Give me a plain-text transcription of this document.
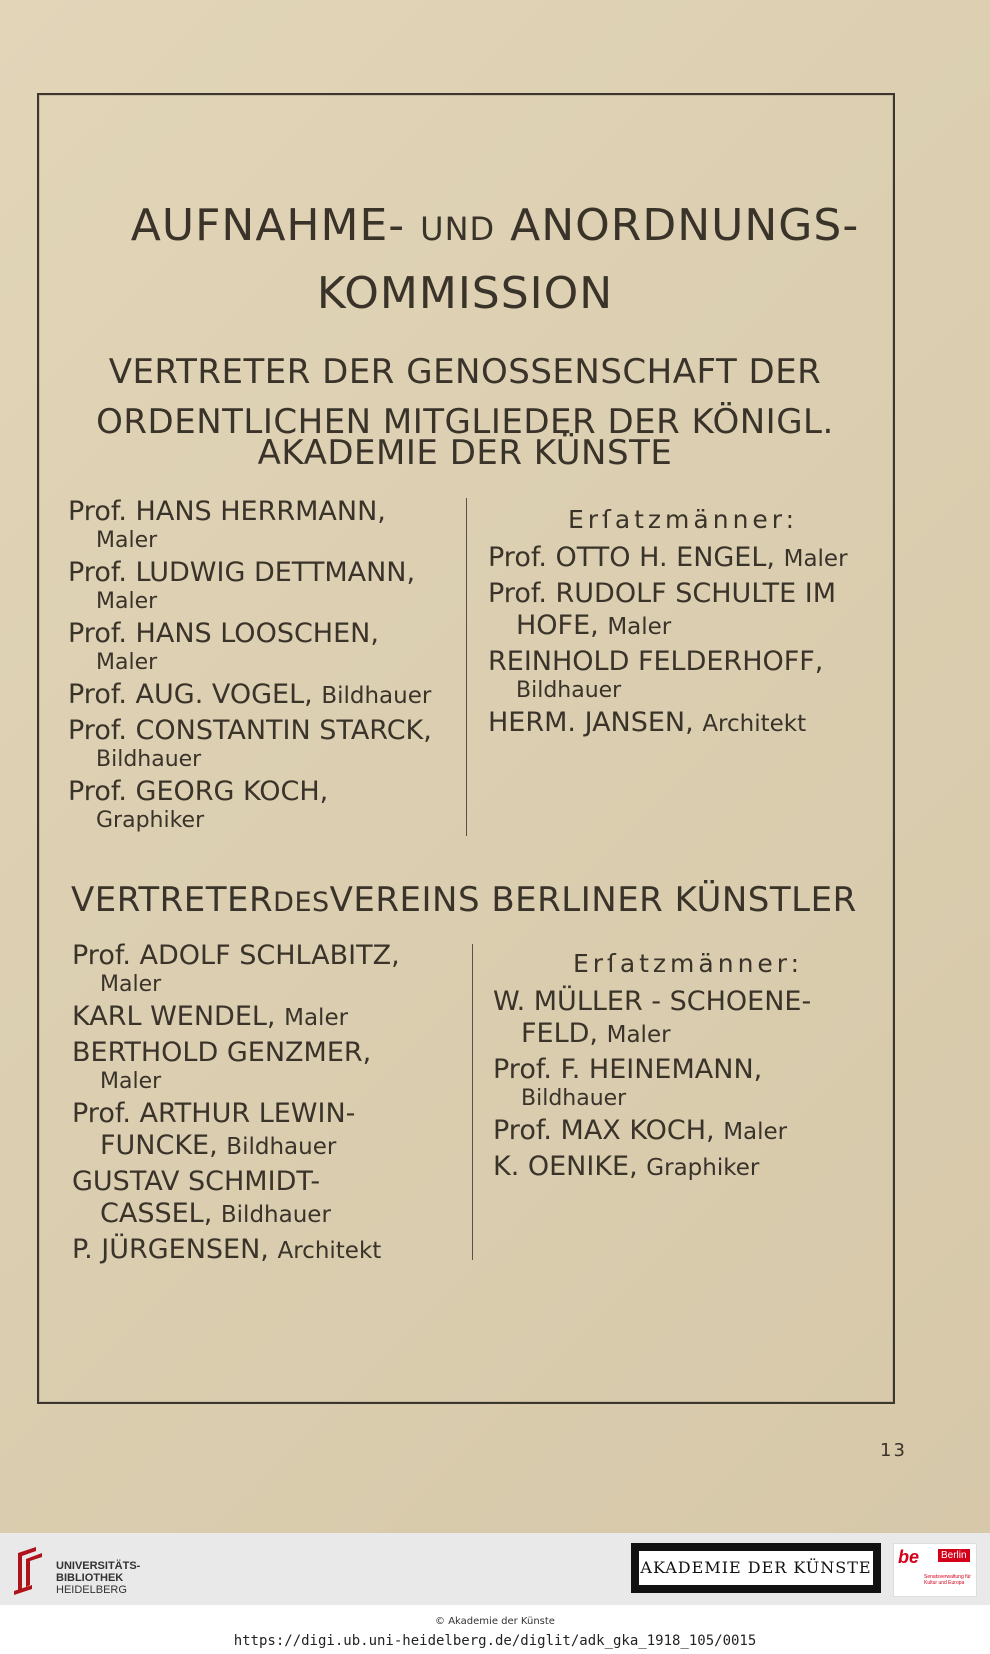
AUFNAHME- UND ANORDNUNGS-
KOMMISSION
VERTRETER DER GENOSSENSCHAFT DER
ORDENTLICHEN MITGLIEDER DER KÖNIGL.
AKADEMIE DER KÜNSTE
Prof. HANS HERRMANN,
Maler
Prof. LUDWIG DETTMANN,
Maler
Prof. HANS LOOSCHEN,
Maler
Prof. AUG. VOGEL, Bildhauer
Prof. CONSTANTIN STARCK,
Bildhauer
Prof. GEORG KOCH,
Graphiker
Erſatzmänner:
Prof. OTTO H. ENGEL, Maler
Prof. RUDOLF SCHULTE IM
HOFE, Maler
REINHOLD FELDERHOFF,
Bildhauer
HERM. JANSEN, Architekt
VERTRETERDESVEREINS BERLINER KÜNSTLER
Prof. ADOLF SCHLABITZ,
Maler
KARL WENDEL, Maler
BERTHOLD GENZMER,
Maler
Prof. ARTHUR LEWIN-
FUNCKE, Bildhauer
GUSTAV SCHMIDT-
CASSEL, Bildhauer
P. JÜRGENSEN, Architekt
Erſatzmänner:
W. MÜLLER - SCHOENE-
FELD, Maler
Prof. F. HEINEMANN,
Bildhauer
Prof. MAX KOCH, Maler
K. OENIKE, Graphiker
13
UNIVERSITÄTS-
BIBLIOTHEK
HEIDELBERG
AKADEMIE DER KÜNSTE
be	Berlin
Senatsverwaltung für Kultur und Europa
© Akademie der Künste
https://digi.ub.uni-heidelberg.de/diglit/adk_gka_1918_105/0015
